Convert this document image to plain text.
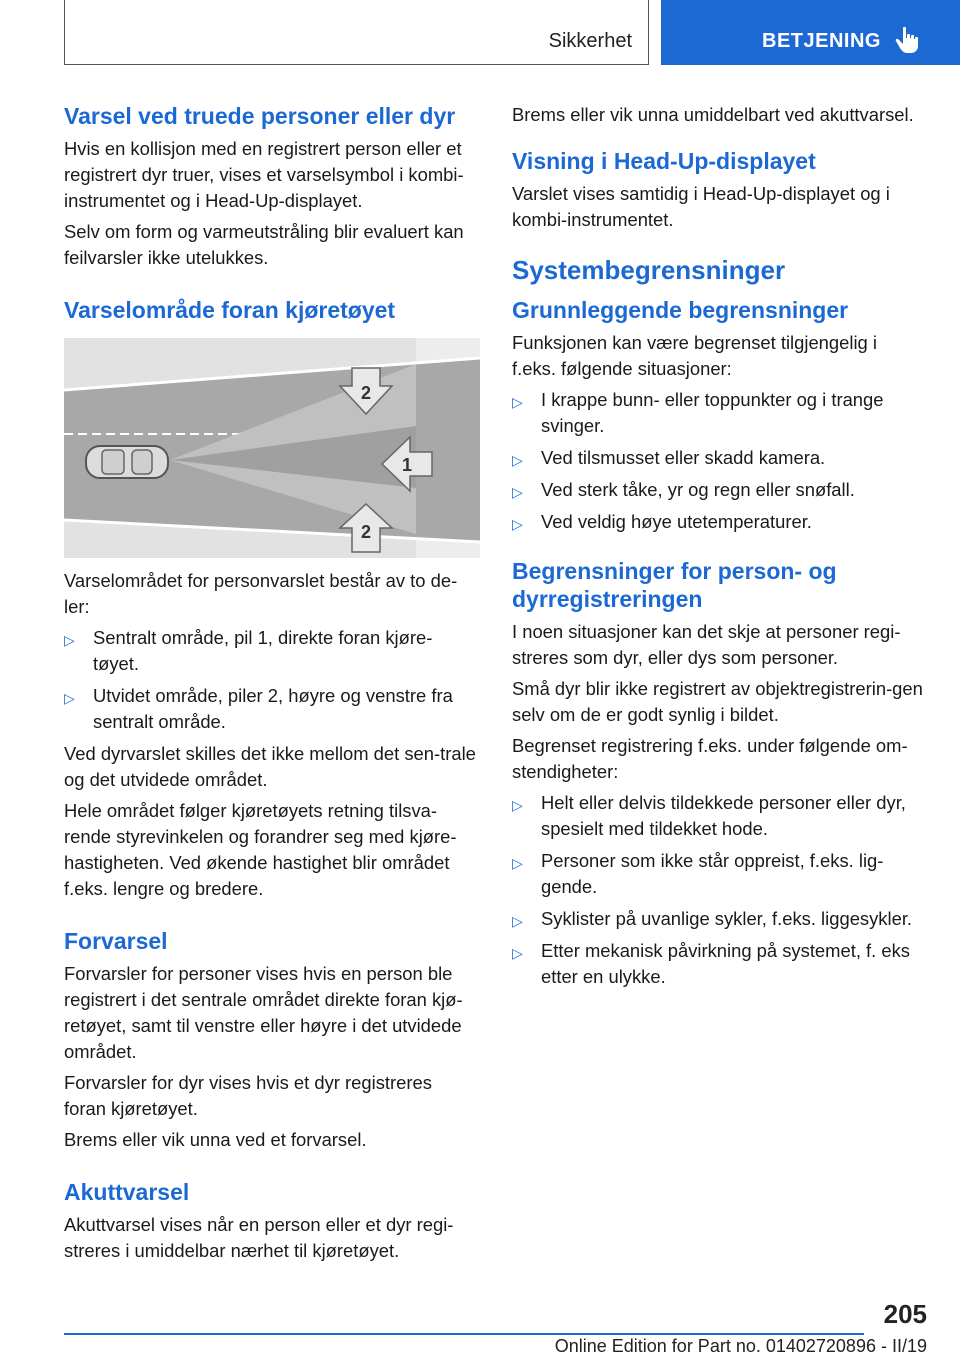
Sikkerhet	BETJENING
Varsel ved truede personer eller dyr

Hvis en kollisjon med en registrert person eller et registrert dyr truer, vises et varselsymbol i kombi-instrumentet og i Head-Up-displayet.

Selv om form og varmeutstråling blir evaluert kan feilvarsler ikke utelukkes.

Varselområde foran kjøretøyet
2
1
2

Varselområdet for personvarslet består av to de-ler:

▷ Sentralt område, pil 1, direkte foran kjøre-tøyet.
▷ Utvidet område, piler 2, høyre og venstre fra sentralt område.

Ved dyrvarslet skilles det ikke mellom det sen-trale og det utvidede området.

Hele området følger kjøretøyets retning tilsva-rende styrevinkelen og forandrer seg med kjøre-hastigheten. Ved økende hastighet blir området f.eks. lengre og bredere.

Forvarsel

Forvarsler for personer vises hvis en person ble registrert i det sentrale området direkte foran kjø-retøyet, samt til venstre eller høyre i det utvidede området.

Forvarsler for dyr vises hvis et dyr registreres foran kjøretøyet.

Brems eller vik unna ved et forvarsel.

Akuttvarsel

Akuttvarsel vises når en person eller et dyr regi-streres i umiddelbar nærhet til kjøretøyet.

Brems eller vik unna umiddelbart ved akuttvarsel.

Visning i Head-Up-displayet

Varslet vises samtidig i Head-Up-displayet og i kombi-instrumentet.

Systembegrensninger
Grunnleggende begrensninger

Funksjonen kan være begrenset tilgjengelig i f.eks. følgende situasjoner:

▷ I krappe bunn- eller toppunkter og i trange svinger.
▷ Ved tilsmusset eller skadd kamera.
▷ Ved sterk tåke, yr og regn eller snøfall.
▷ Ved veldig høye utetemperaturer.
Begrensninger for person- og dyrregistreringen

I noen situasjoner kan det skje at personer regi-streres som dyr, eller dys som personer.

Små dyr blir ikke registrert av objektregistrerin-gen selv om de er godt synlig i bildet.

Begrenset registrering f.eks. under følgende om-stendigheter:

▷ Helt eller delvis tildekkede personer eller dyr, spesielt med tildekket hode.
▷ Personer som ikke står oppreist, f.eks. lig-gende.
▷ Syklister på uvanlige sykler, f.eks. liggesykler.
▷ Etter mekanisk påvirkning på systemet, f. eks etter en ulykke.
205
Online Edition for Part no. 01402720896 - II/19
